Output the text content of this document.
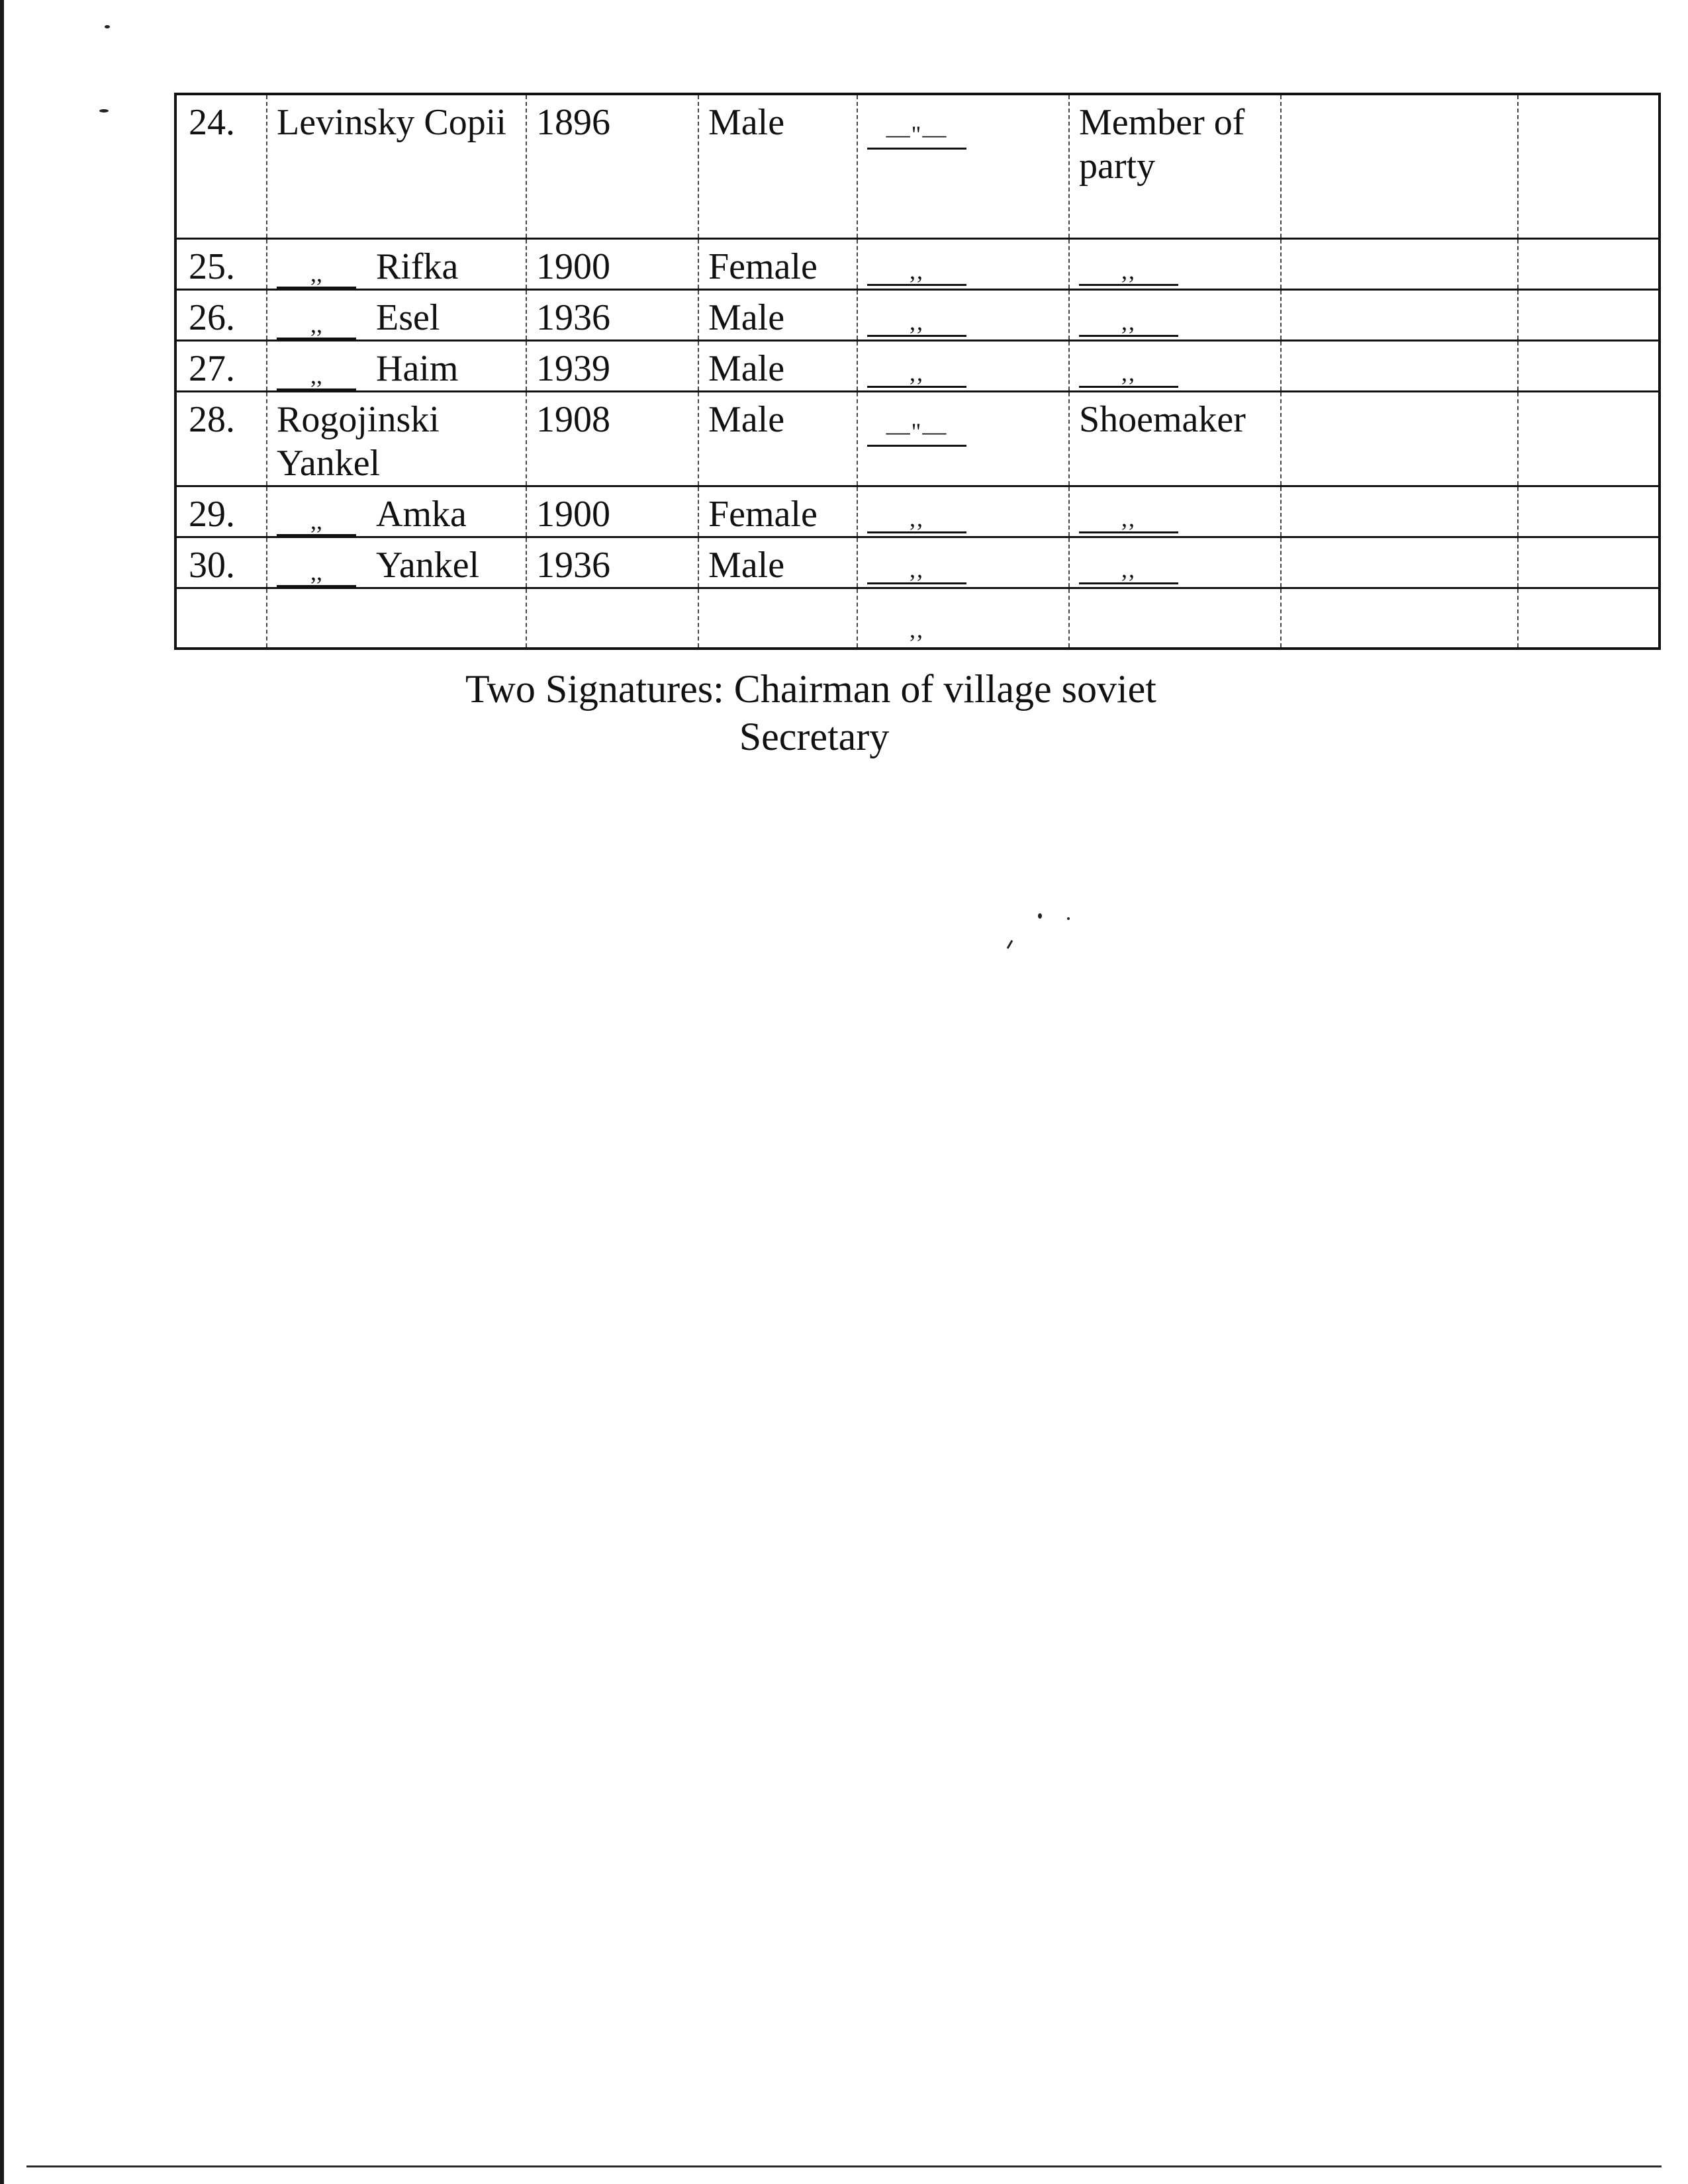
24.	Levinsky Copii	1896	Male	—"—	Member of party		
25.	,, Rifka	1900	Female	,,	,,		
26.	,, Esel	1936	Male	,,	,,		
27.	,, Haim	1939	Male	,,	,,		
28.	Rogojinski Yankel	1908	Male	—"—	Shoemaker		
29.	,, Amka	1900	Female	,,	,,		
30.	,, Yankel	1936	Male	,,	,,		
				,,			
Two Signatures: Chairman of village soviet
Secretary
